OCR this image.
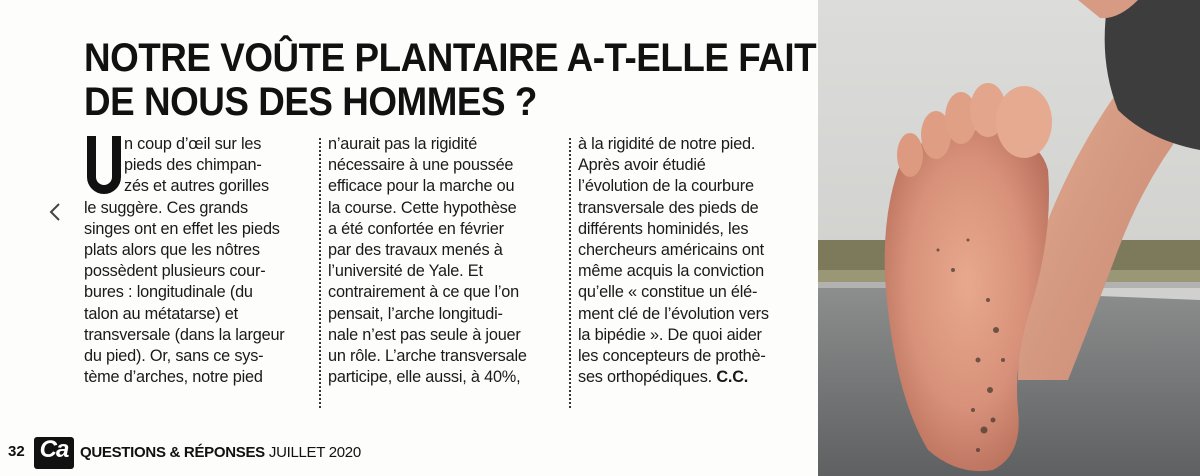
NOTRE VOÛTE PLANTAIRE A-T-ELLE FAIT
DE NOUS DES HOMMES ?
n coup d’œil sur les
pieds des chimpan-
zés et autres gorilles
le suggère. Ces grands
singes ont en effet les pieds
plats alors que les nôtres
possèdent plusieurs cour-
bures : longitudinale (du
talon au métatarse) et
transversale (dans la largeur
du pied). Or, sans ce sys-
tème d’arches, notre pied
n’aurait pas la rigidité
nécessaire à une poussée
efficace pour la marche ou
la course. Cette hypothèse
a été confortée en février
par des travaux menés à
l’université de Yale. Et
contrairement à ce que l’on
pensait, l’arche longitudi-
nale n’est pas seule à jouer
un rôle. L’arche transversale
participe, elle aussi, à 40%,
à la rigidité de notre pied.
Après avoir étudié
l’évolution de la courbure
transversale des pieds de
différents hominidés, les
chercheurs américains ont
même acquis la conviction
qu’elle « constitue un élé-
ment clé de l’évolution vers
la bipédie ». De quoi aider
les concepteurs de prothè-
ses orthopédiques. C.C.
32 Ca QUESTIONS & RÉPONSES JUILLET 2020
